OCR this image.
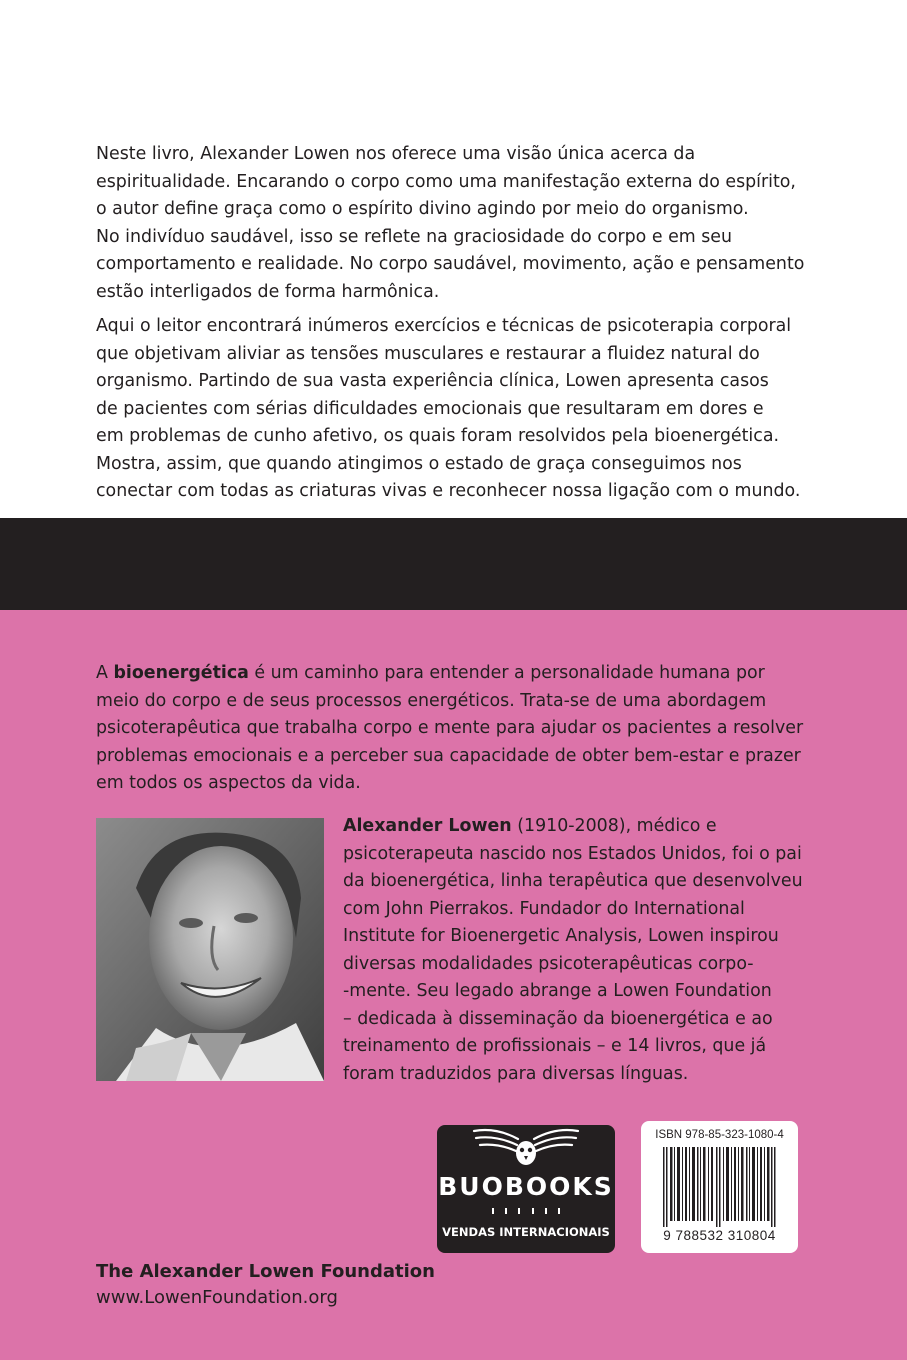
Neste livro, Alexander Lowen nos oferece uma visão única acerca da
espiritualidade. Encarando o corpo como uma manifestação externa do espírito,
o autor define graça como o espírito divino agindo por meio do organismo.
No indivíduo saudável, isso se reflete na graciosidade do corpo e em seu
comportamento e realidade. No corpo saudável, movimento, ação e pensamento
estão interligados de forma harmônica.
Aqui o leitor encontrará inúmeros exercícios e técnicas de psicoterapia corporal
que objetivam aliviar as tensões musculares e restaurar a fluidez natural do
organismo. Partindo de sua vasta experiência clínica, Lowen apresenta casos
de pacientes com sérias dificuldades emocionais que resultaram em dores e
em problemas de cunho afetivo, os quais foram resolvidos pela bioenergética.
Mostra, assim, que quando atingimos o estado de graça conseguimos nos
conectar com todas as criaturas vivas e reconhecer nossa ligação com o mundo.
A bioenergética é um caminho para entender a personalidade humana por
meio do corpo e de seus processos energéticos. Trata-se de uma abordagem
psicoterapêutica que trabalha corpo e mente para ajudar os pacientes a resolver
problemas emocionais e a perceber sua capacidade de obter bem-estar e prazer
em todos os aspectos da vida.
Alexander Lowen (1910-2008), médico e
psicoterapeuta nascido nos Estados Unidos, foi o pai
da bioenergética, linha terapêutica que desenvolveu
com John Pierrakos. Fundador do International
Institute for Bioenergetic Analysis, Lowen inspirou
diversas modalidades psicoterapêuticas corpo-
-mente. Seu legado abrange a Lowen Foundation
– dedicada à disseminação da bioenergética e ao
treinamento de profissionais – e 14 livros, que já
foram traduzidos para diversas línguas.
BUOBOOKS
VENDAS INTERNACIONAIS
ISBN 978-85-323-1080-4
9 788532 310804

The Alexander Lowen Foundation

www.LowenFoundation.org
